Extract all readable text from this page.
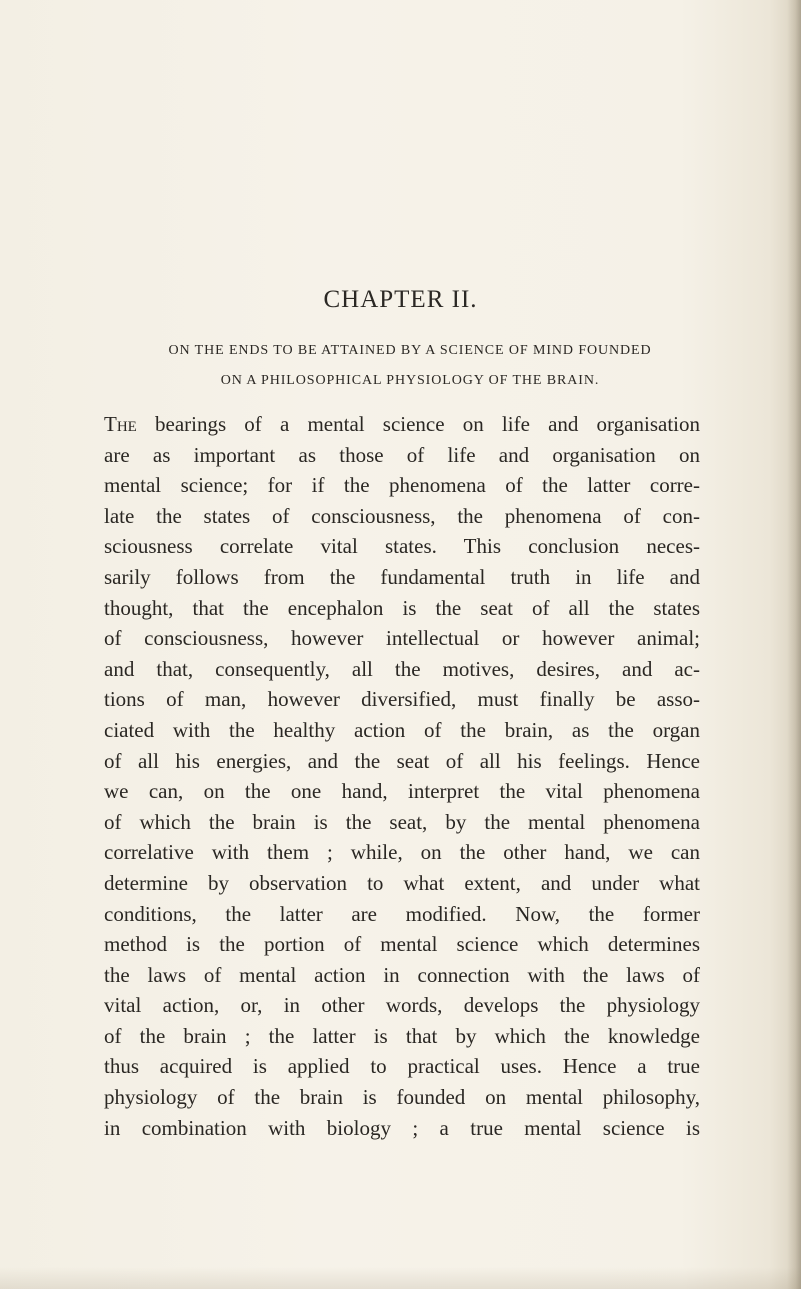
CHAPTER II.
ON THE ENDS TO BE ATTAINED BY A SCIENCE OF MIND FOUNDED
ON A PHILOSOPHICAL PHYSIOLOGY OF THE BRAIN.
The bearings of a mental science on life and organisation
are as important as those of life and organisation on
mental science; for if the phenomena of the latter corre-
late the states of consciousness, the phenomena of con-
sciousness correlate vital states. This conclusion neces-
sarily follows from the fundamental truth in life and
thought, that the encephalon is the seat of all the states
of consciousness, however intellectual or however animal;
and that, consequently, all the motives, desires, and ac-
tions of man, however diversified, must finally be asso-
ciated with the healthy action of the brain, as the organ
of all his energies, and the seat of all his feelings. Hence
we can, on the one hand, interpret the vital phenomena
of which the brain is the seat, by the mental phenomena
correlative with them ; while, on the other hand, we can
determine by observation to what extent, and under what
conditions, the latter are modified. Now, the former
method is the portion of mental science which determines
the laws of mental action in connection with the laws of
vital action, or, in other words, develops the physiology
of the brain ; the latter is that by which the knowledge
thus acquired is applied to practical uses. Hence a true
physiology of the brain is founded on mental philosophy,
in combination with biology ; a true mental science is
